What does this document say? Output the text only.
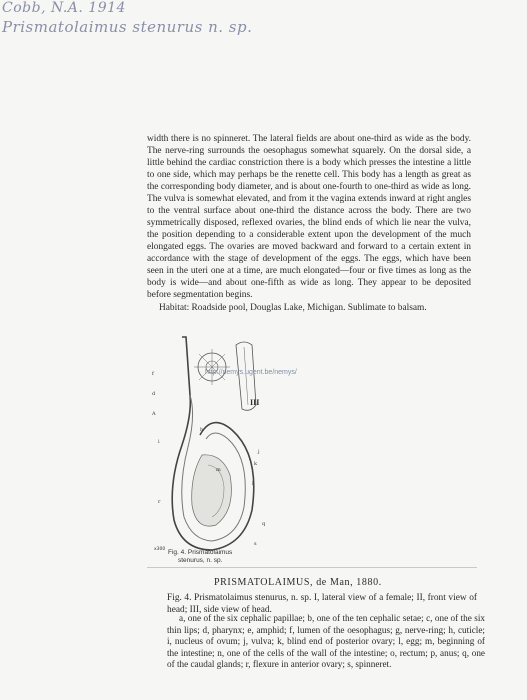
Cobb, N.A. 1914
Prismatolaimus stenurus n. sp.

width there is no spinneret. The lateral fields are about one-third as wide as the body. The nerve-ring surrounds the oesophagus somewhat squarely. On the dorsal side, a little behind the cardiac constriction there is a body which presses the intestine a little to one side, which may perhaps be the renette cell. This body has a length as great as the corresponding body diameter, and is about one-fourth to one-third as wide as long. The vulva is somewhat elevated, and from it the vagina extends inward at right angles to the ventral surface about one-third the distance across the body. There are two symmetrically disposed, reflexed ovaries, the blind ends of which lie near the vulva, the position depending to a considerable extent upon the development of the much elongated eggs. The ovaries are moved backward and forward to a certain extent in accordance with the stage of development of the eggs. The eggs, which have been seen in the uteri one at a time, are much elongated—four or five times as long as the body is wide—and about one-fifth as wide as long. They appear to be deposited before segmentation begins.

Habitat: Roadside pool, Douglas Lake, Michigan. Sublimate to balsam.
f
d
A
i
h
k
l
m
r
q
s
j
x300
III
http://nemys.ugent.be/nemys/
Fig. 4. Prismatolaimus
stenurus, n. sp.
PRISMATOLAIMUS, de Man, 1880.
Fig. 4. Prismatolaimus stenurus, n. sp. I, lateral view of a female; II, front view of head; III, side view of head.
a, one of the six cephalic papillae; b, one of the ten cephalic setae; c, one of the six thin lips; d, pharynx; e, amphid; f, lumen of the oesophagus; g, nerve-ring; h, cuticle; i, nucleus of ovum; j, vulva; k, blind end of posterior ovary; l, egg; m, beginning of the intestine; n, one of the cells of the wall of the intestine; o, rectum; p, anus; q, one of the caudal glands; r, flexure in anterior ovary; s, spinneret.
